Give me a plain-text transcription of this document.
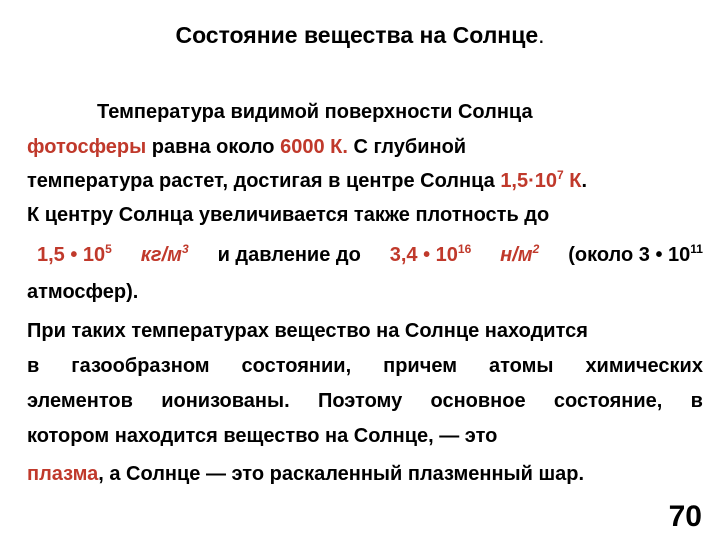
Состояние вещества на Солнце.

Температура видимой поверхности Солнца

фотосферы равна около 6000 К. С глубиной

температура растет, достигая в центре Солнца $1,5\cdot 10^7$ К.

К центру Солнца увеличивается также плотность до

1,5 • $10^5$ $кг/м^3$ и давление до 3,4 • $10^{16}$ $н/м^2$ (около 3 • $10^{11}$

атмосфер).

При таких температурах вещество на Солнце находится

в газообразном состоянии, причем атомы химических

элементов ионизованы. Поэтому основное состояние, в

котором находится вещество на Солнце, — это

плазма, а Солнце — это раскаленный плазменный шар.

70
